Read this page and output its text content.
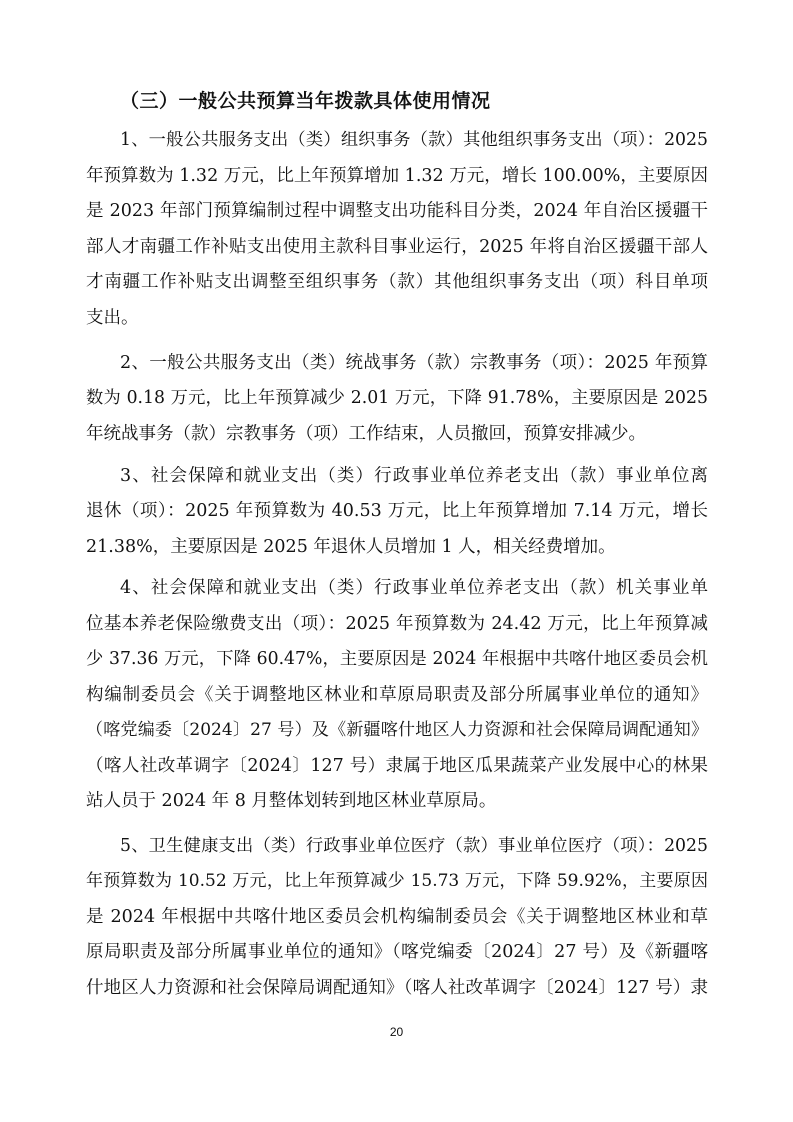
（三）一般公共预算当年拨款具体使用情况
1、一般公共服务支出（类）组织事务（款）其他组织事务支出（项）：2025
年预算数为 1.32 万元，比上年预算增加 1.32 万元，增长 100.00%，主要原因
是 2023 年部门预算编制过程中调整支出功能科目分类，2024 年自治区援疆干
部人才南疆工作补贴支出使用主款科目事业运行，2025 年将自治区援疆干部人
才南疆工作补贴支出调整至组织事务（款）其他组织事务支出（项）科目单项
支出。
2、一般公共服务支出（类）统战事务（款）宗教事务（项）：2025 年预算
数为 0.18 万元，比上年预算减少 2.01 万元，下降 91.78%，主要原因是 2025
年统战事务（款）宗教事务（项）工作结束，人员撤回，预算安排减少。
3、社会保障和就业支出（类）行政事业单位养老支出（款）事业单位离
退休（项）：2025 年预算数为 40.53 万元，比上年预算增加 7.14 万元，增长
21.38%，主要原因是 2025 年退休人员增加 1 人，相关经费增加。
4、社会保障和就业支出（类）行政事业单位养老支出（款）机关事业单
位基本养老保险缴费支出（项）：2025 年预算数为 24.42 万元，比上年预算减
少 37.36 万元，下降 60.47%，主要原因是 2024 年根据中共喀什地区委员会机
构编制委员会《关于调整地区林业和草原局职责及部分所属事业单位的通知》
（喀党编委〔2024〕27 号）及《新疆喀什地区人力资源和社会保障局调配通知》
（喀人社改革调字〔2024〕127 号）隶属于地区瓜果蔬菜产业发展中心的林果
站人员于 2024 年 8 月整体划转到地区林业草原局。
5、卫生健康支出（类）行政事业单位医疗（款）事业单位医疗（项）：2025
年预算数为 10.52 万元，比上年预算减少 15.73 万元，下降 59.92%，主要原因
是 2024 年根据中共喀什地区委员会机构编制委员会《关于调整地区林业和草
原局职责及部分所属事业单位的通知》（喀党编委〔2024〕27 号）及《新疆喀
什地区人力资源和社会保障局调配通知》（喀人社改革调字〔2024〕127 号）隶
20
